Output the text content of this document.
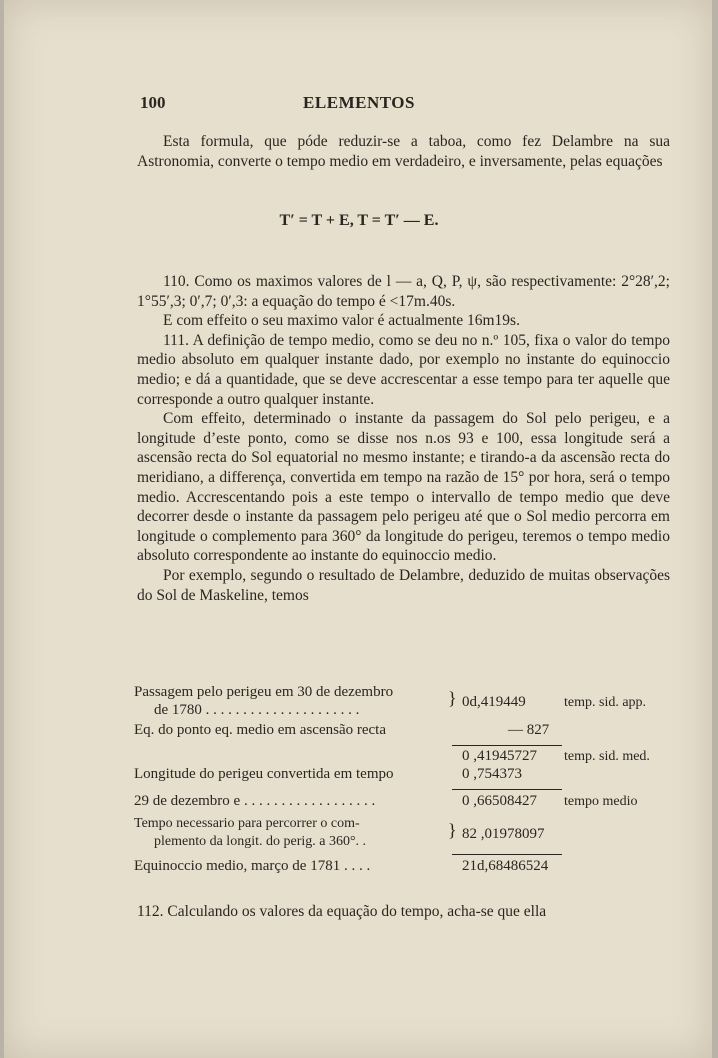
100	ELEMENTOS

Esta formula, que póde reduzir-se a taboa, como fez Delambre na sua Astronomia, converte o tempo medio em verdadeiro, e inversamente, pelas equações

T′ = T + E, T = T′ — E.

110. Como os maximos valores de l — a, Q, P, ψ, são respectivamente: 2°28′,2; 1°55′,3; 0′,7; 0′,3: a equação do tempo é <17m.40s.

E com effeito o seu maximo valor é actualmente 16m19s.

111. A definição de tempo medio, como se deu no n.º 105, fixa o valor do tempo medio absoluto em qualquer instante dado, por exemplo no instante do equinoccio medio; e dá a quantidade, que se deve accrescentar a esse tempo para ter aquelle que corresponde a outro qualquer instante.

Com effeito, determinado o instante da passagem do Sol pelo perigeu, e a longitude d’este ponto, como se disse nos n.os 93 e 100, essa longitude será a ascensão recta do Sol equatorial no mesmo instante; e tirando-a da ascensão recta do meridiano, a differença, convertida em tempo na razão de 15° por hora, será o tempo medio. Accrescentando pois a este tempo o intervallo de tempo medio que deve decorrer desde o instante da passagem pelo perigeu até que o Sol medio percorra em longitude o complemento para 360° da longitude do perigeu, teremos o tempo medio absoluto correspondente ao instante do equinoccio medio.

Por exemplo, segundo o resultado de Delambre, deduzido de muitas observações do Sol de Maskeline, temos

Passagem pelo perigeu em 30 de dezembro
de 1780 . . . . . . . . . . . . . . . . . . . . .
} 0d,419449	temp. sid. app.
Eq. do ponto eq. medio em ascensão recta	— 827
0 ,41945727 temp. sid. med.
Longitude do perigeu convertida em tempo	0 ,754373
29 de dezembro e . . . . . . . . . . . . . . . . . .	0 ,66508427 tempo medio
Tempo necessario para percorrer o com-
plemento da longit. do perig. a 360°. .
} 82 ,01978097
Equinoccio medio, março de 1781 . . . .	21d,68486524
112. Calculando os valores da equação do tempo, acha-se que ella
